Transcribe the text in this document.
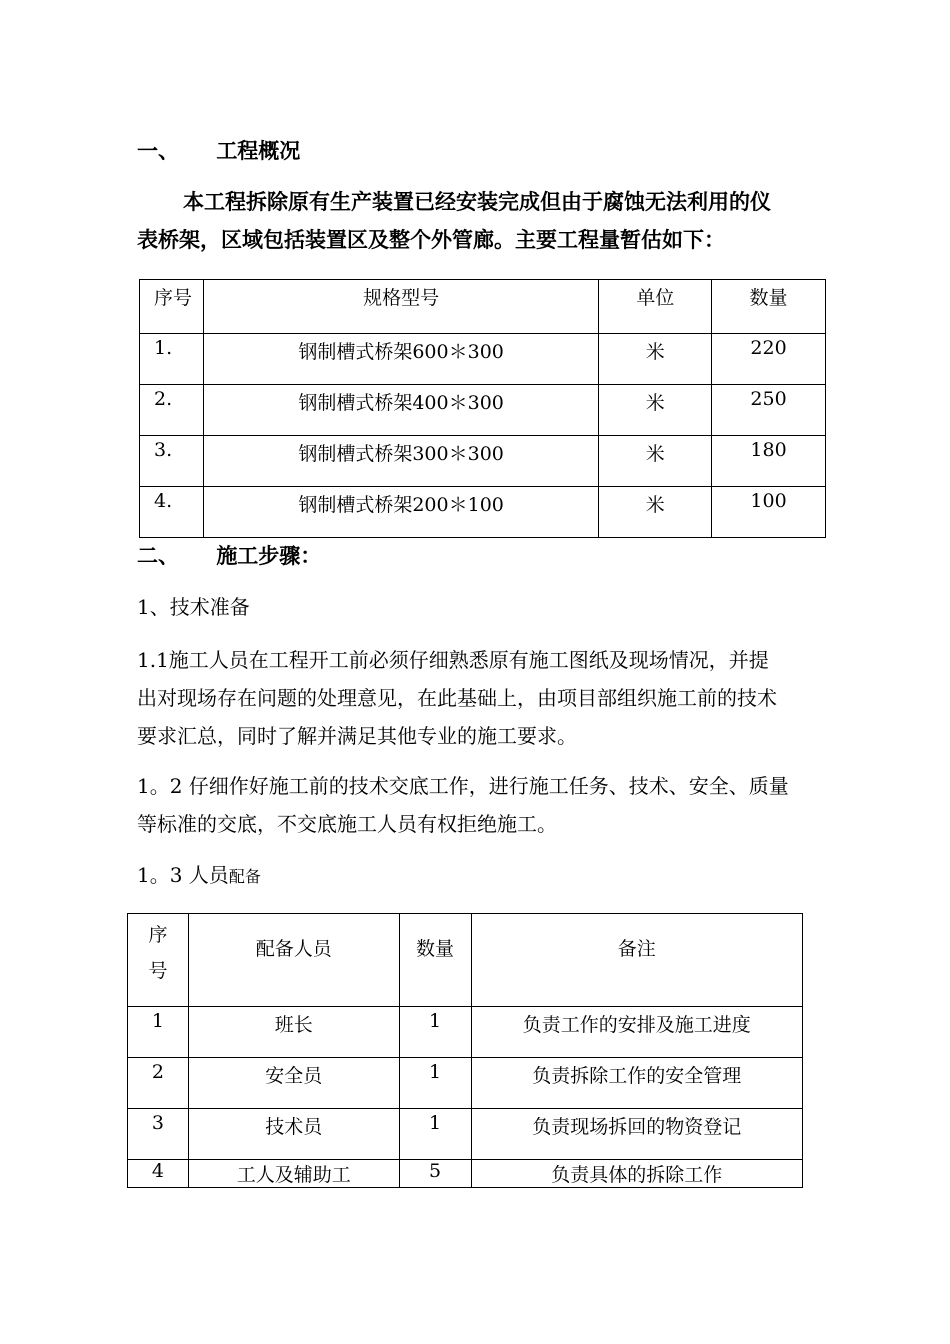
一、 工程概况
本工程拆除原有生产装置已经安装完成但由于腐蚀无法利用的仪
表桥架，区域包括装置区及整个外管廊。主要工程量暂估如下：
序号	规格型号	单位	数量
1.	钢制槽式桥架600＊300	米	220
2.	钢制槽式桥架400＊300	米	250
3.	钢制槽式桥架300＊300	米	180
4.	钢制槽式桥架200＊100	米	100
二、 施工步骤：
1、技术准备
1.1施工人员在工程开工前必须仔细熟悉原有施工图纸及现场情况，并提
出对现场存在问题的处理意见，在此基础上，由项目部组织施工前的技术
要求汇总，同时了解并满足其他专业的施工要求。
1。2 仔细作好施工前的技术交底工作，进行施工任务、技术、安全、质量
等标准的交底，不交底施工人员有权拒绝施工。
1。3 人员配备
序
号	配备人员	数量	备注
1	班长	1	负责工作的安排及施工进度
2	安全员	1	负责拆除工作的安全管理
3	技术员	1	负责现场拆回的物资登记
4	工人及辅助工	5	负责具体的拆除工作
